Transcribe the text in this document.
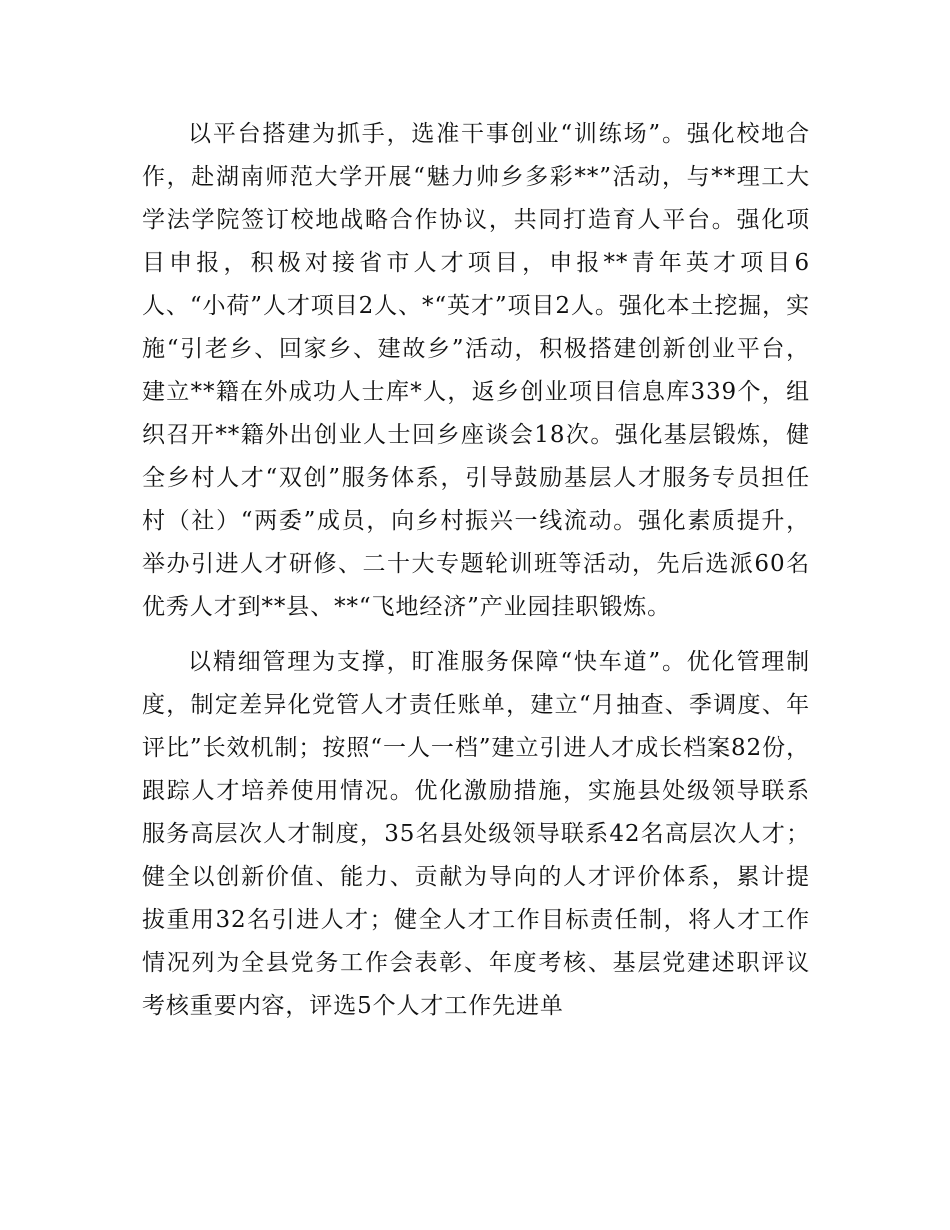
以平台搭建为抓手，选准干事创业“训练场”。强化校地合作，赴湖南师范大学开展“魅力帅乡多彩**”活动，与**理工大学法学院签订校地战略合作协议，共同打造育人平台。强化项目申报，积极对接省市人才项目，申报**青年英才项目6人、“小荷”人才项目2人、*“英才”项目2人。强化本土挖掘，实施“引老乡、回家乡、建故乡”活动，积极搭建创新创业平台，建立**籍在外成功人士库*人，返乡创业项目信息库339个，组织召开**籍外出创业人士回乡座谈会18次。强化基层锻炼，健全乡村人才“双创”服务体系，引导鼓励基层人才服务专员担任村（社）“两委”成员，向乡村振兴一线流动。强化素质提升，举办引进人才研修、二十大专题轮训班等活动，先后选派60名优秀人才到**县、**“飞地经济”产业园挂职锻炼。

以精细管理为支撑，盯准服务保障“快车道”。优化管理制度，制定差异化党管人才责任账单，建立“月抽查、季调度、年评比”长效机制；按照“一人一档”建立引进人才成长档案82份，跟踪人才培养使用情况。优化激励措施，实施县处级领导联系服务高层次人才制度，35名县处级领导联系42名高层次人才；健全以创新价值、能力、贡献为导向的人才评价体系，累计提拔重用32名引进人才；健全人才工作目标责任制，将人才工作情况列为全县党务工作会表彰、年度考核、基层党建述职评议考核重要内容，评选5个人才工作先进单
